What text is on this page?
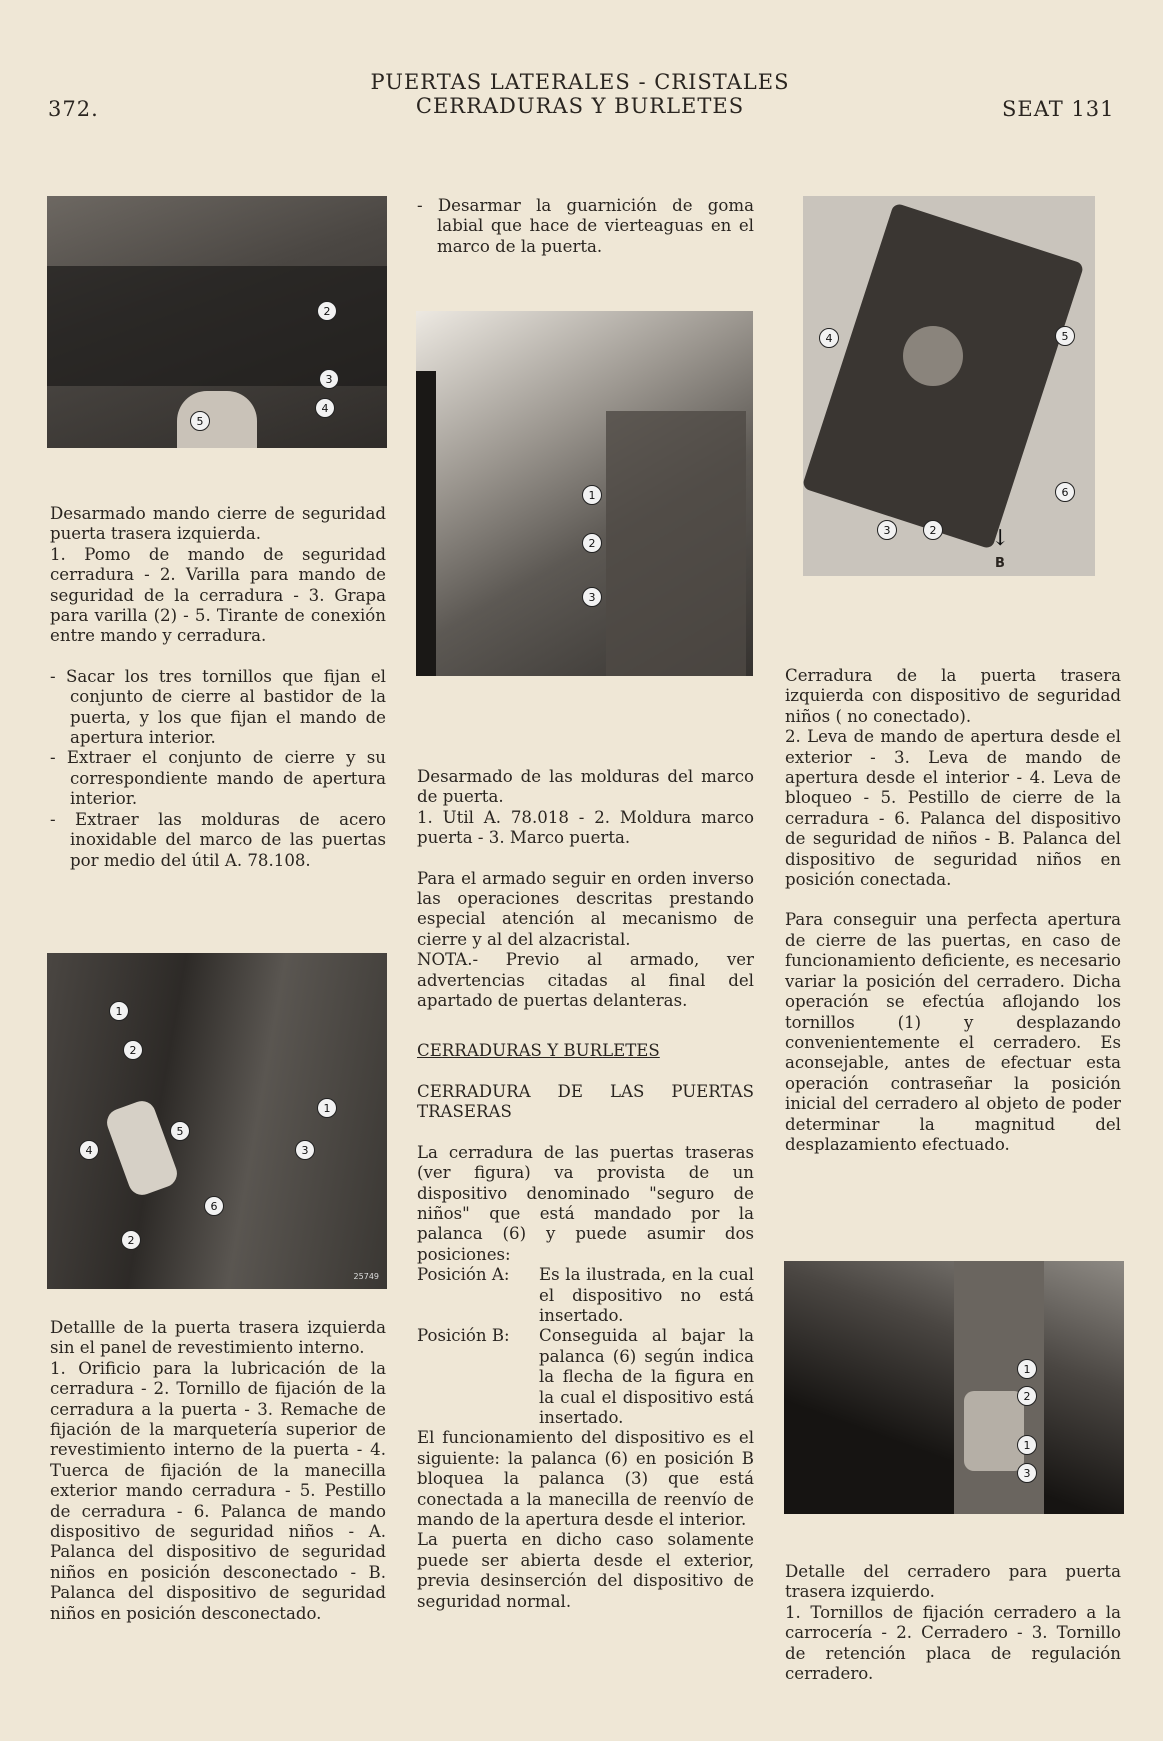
372.
PUERTAS LATERALES - CRISTALES
CERRADURAS Y BURLETES	SEAT 131
2
3
4
5

Desarmado mando cierre de seguridad puerta trasera izquierda.

1. Pomo de mando de seguridad cerradura - 2. Varilla para mando de seguridad de la cerradura - 3. Grapa para varilla (2) - 5. Tirante de conexión entre mando y cerradura.

- Sacar los tres tornillos que fijan el conjunto de cierre al bastidor de la puerta, y los que fijan el mando de apertura interior.

- Extraer el conjunto de cierre y su correspondiente mando de apertura interior.

- Extraer las molduras de acero inoxidable del marco de las puertas por medio del útil A. 78.108.

1
2
3
4
5
6
2
1
25749

Detallle de la puerta trasera izquierda sin el panel de revestimiento interno.

1. Orificio para la lubricación de la cerradura - 2. Tornillo de fijación de la cerradura a la puerta - 3. Remache de fijación de la marquetería superior de revestimiento interno de la puerta - 4. Tuerca de fijación de la manecilla exterior mando cerradura - 5. Pestillo de cerradura - 6. Palanca de mando dispositivo de seguridad niños - A. Palanca del dispositivo de seguridad niños en posición desconectado - B. Palanca del dispositivo de seguridad niños en posición desconectado.

- Desarmar la guarnición de goma labial que hace de vierteaguas en el marco de la puerta.

1
2
3

Desarmado de las molduras del marco de puerta.

1. Util A. 78.018 - 2. Moldura marco puerta - 3. Marco puerta.

Para el armado seguir en orden inverso las operaciones descritas prestando especial atención al mecanismo de cierre y al del alzacristal.

NOTA.- Previo al armado, ver advertencias citadas al final del apartado de puertas delanteras.

CERRADURAS Y BURLETES

CERRADURA DE LAS PUERTAS TRASERAS

La cerradura de las puertas traseras (ver figura) va provista de un dispositivo denominado "seguro de niños" que está mandado por la palanca (6) y puede asumir dos posiciones:

Posición A:	Es la ilustrada, en la cual el dispositivo no está insertado.
Posición B:	Conseguida al bajar la palanca (6) según indica la flecha de la figura en la cual el dispositivo está insertado.

El funcionamiento del dispositivo es el siguiente: la palanca (6) en posición B bloquea la palanca (3) que está conectada a la manecilla de reenvío de mando de la apertura desde el interior.

La puerta en dicho caso solamente puede ser abierta desde el exterior, previa desinserción del dispositivo de seguridad normal.

4	5
6
3	2 ↓
B

Cerradura de la puerta trasera izquierda con dispositivo de seguridad niños ( no conectado).

2. Leva de mando de apertura desde el exterior - 3. Leva de mando de apertura desde el interior - 4. Leva de bloqueo - 5. Pestillo de cierre de la cerradura - 6. Palanca del dispositivo de seguridad de niños - B. Palanca del dispositivo de seguridad niños en posición conectada.

Para conseguir una perfecta apertura de cierre de las puertas, en caso de funcionamiento deficiente, es necesario variar la posición del cerradero. Dicha operación se efectúa aflojando los tornillos (1) y desplazando convenientemente el cerradero. Es aconsejable, antes de efectuar esta operación contraseñar la posición inicial del cerradero al objeto de poder determinar la magnitud del desplazamiento efectuado.

1
2
1
3

Detalle del cerradero para puerta trasera izquierdo.

1. Tornillos de fijación cerradero a la carrocería - 2. Cerradero - 3. Tornillo de retención placa de regulación cerradero.
